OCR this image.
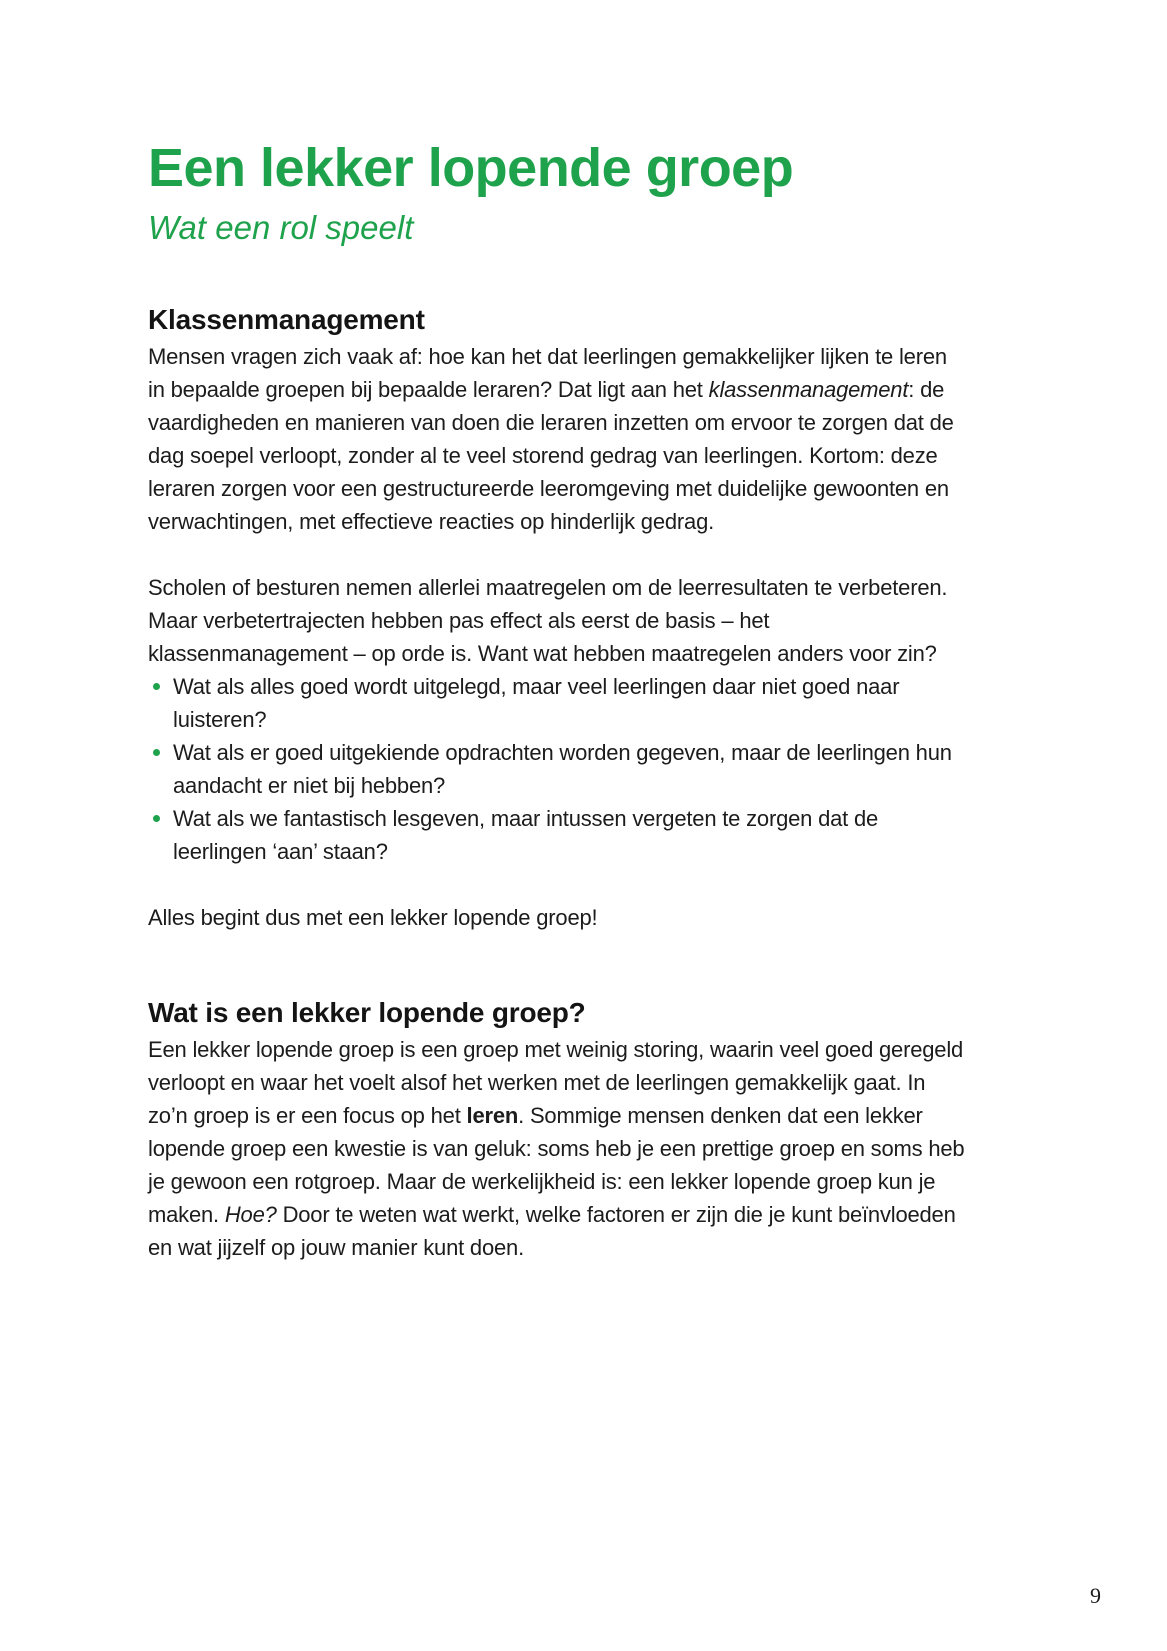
Een lekker lopende groep
Wat een rol speelt
Klassenmanagement

Mensen vragen zich vaak af: hoe kan het dat leerlingen gemakkelijker lijken te leren in bepaalde groepen bij bepaalde leraren? Dat ligt aan het klassenmanagement: de vaardigheden en manieren van doen die leraren inzetten om ervoor te zorgen dat de dag soepel verloopt, zonder al te veel storend gedrag van leerlingen. Kortom: deze leraren zorgen voor een gestructureerde leeromgeving met duidelijke gewoonten en verwachtingen, met effectieve reacties op hinderlijk gedrag.

Scholen of besturen nemen allerlei maatregelen om de leerresultaten te verbeteren. Maar verbetertrajecten hebben pas effect als eerst de basis – het klassenmanagement – op orde is. Want wat hebben maatregelen anders voor zin?

Wat als alles goed wordt uitgelegd, maar veel leerlingen daar niet goed naar luisteren?
Wat als er goed uitgekiende opdrachten worden gegeven, maar de leerlingen hun aandacht er niet bij hebben?
Wat als we fantastisch lesgeven, maar intussen vergeten te zorgen dat de leerlingen ‘aan’ staan?

Alles begint dus met een lekker lopende groep!

Wat is een lekker lopende groep?

Een lekker lopende groep is een groep met weinig storing, waarin veel goed geregeld verloopt en waar het voelt alsof het werken met de leerlingen gemakkelijk gaat. In zo’n groep is er een focus op het leren. Sommige mensen denken dat een lekker lopende groep een kwestie is van geluk: soms heb je een prettige groep en soms heb je gewoon een rotgroep. Maar de werkelijkheid is: een lekker lopende groep kun je maken. Hoe? Door te weten wat werkt, welke factoren er zijn die je kunt beïnvloeden en wat jijzelf op jouw manier kunt doen.

9
